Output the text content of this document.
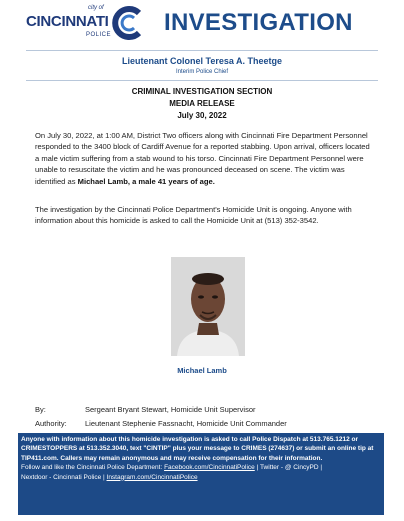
city of
CINCINNATI
POLICE INVESTIGATION
Lieutenant Colonel Teresa A. Theetge
Interim Police Chief
CRIMINAL INVESTIGATION SECTION
MEDIA RELEASE
July 30, 2022
On July 30, 2022, at 1:00 AM, District Two officers along with Cincinnati Fire Department Personnel responded to the 3400 block of Cardiff Avenue for a reported stabbing. Upon arrival, officers located a male victim suffering from a stab wound to his torso. Cincinnati Fire Department Personnel were unable to resuscitate the victim and he was pronounced deceased on scene. The victim was identified as Michael Lamb, a male 41 years of age.
The investigation by the Cincinnati Police Department's Homicide Unit is ongoing. Anyone with information about this homicide is asked to call the Homicide Unit at (513) 352-3542.
Michael Lamb
By:	Sergeant Bryant Stewart, Homicide Unit Supervisor
Authority: Lieutenant Stephenie Fassnacht, Homicide Unit Commander
Anyone with information about this homicide investigation is asked to call Police Dispatch at 513.765.1212 or CRIMESTOPPERS at 513.352.3040, text "CINTIP" plus your message to CRIMES (274637) or submit an online tip at TIP411.com. Callers may remain anonymous and may receive compensation for their information.
Follow and like the Cincinnati Police Department: Facebook.com/CincinnatiPolice | Twitter - @ CincyPD |
Nextdoor - Cincinnati Police | Instagram.com/CincinnatiPolice
